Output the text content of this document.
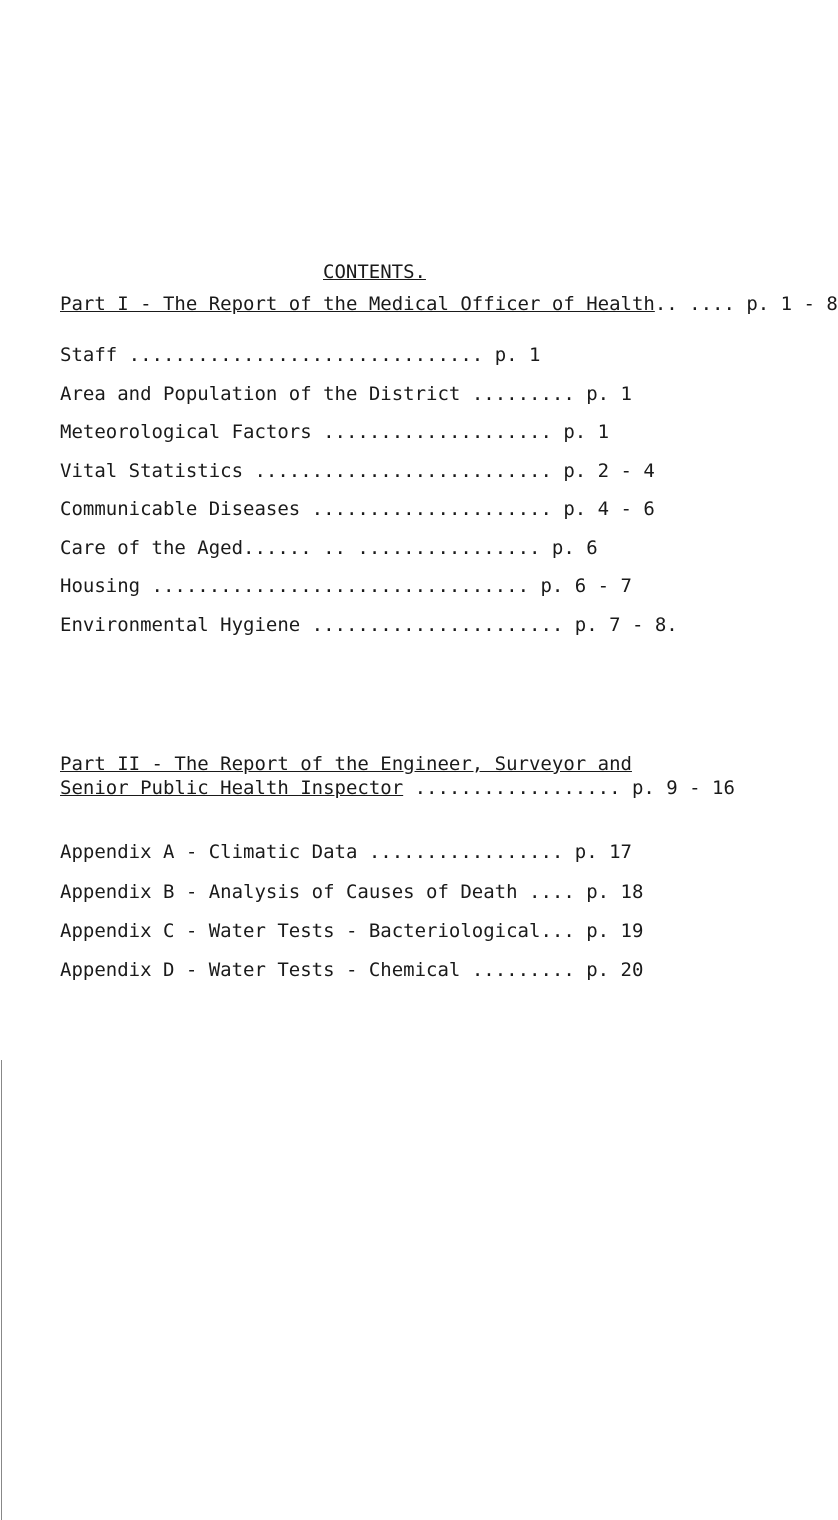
CONTENTS.
Part I - The Report of the Medical Officer of Health.. .... p. 1 - 8
Staff ............................... p. 1
Area and Population of the District ......... p. 1
Meteorological Factors .................... p. 1
Vital Statistics .......................... p. 2 - 4
Communicable Diseases ..................... p. 4 - 6
Care of the Aged...... .. ................ p. 6
Housing ................................. p. 6 - 7
Environmental Hygiene ...................... p. 7 - 8.
Part II - The Report of the Engineer, Surveyor and
Senior Public Health Inspector .................. p. 9 - 16
Appendix A - Climatic Data ................. p. 17
Appendix B - Analysis of Causes of Death .... p. 18
Appendix C - Water Tests - Bacteriological... p. 19
Appendix D - Water Tests - Chemical ......... p. 20
